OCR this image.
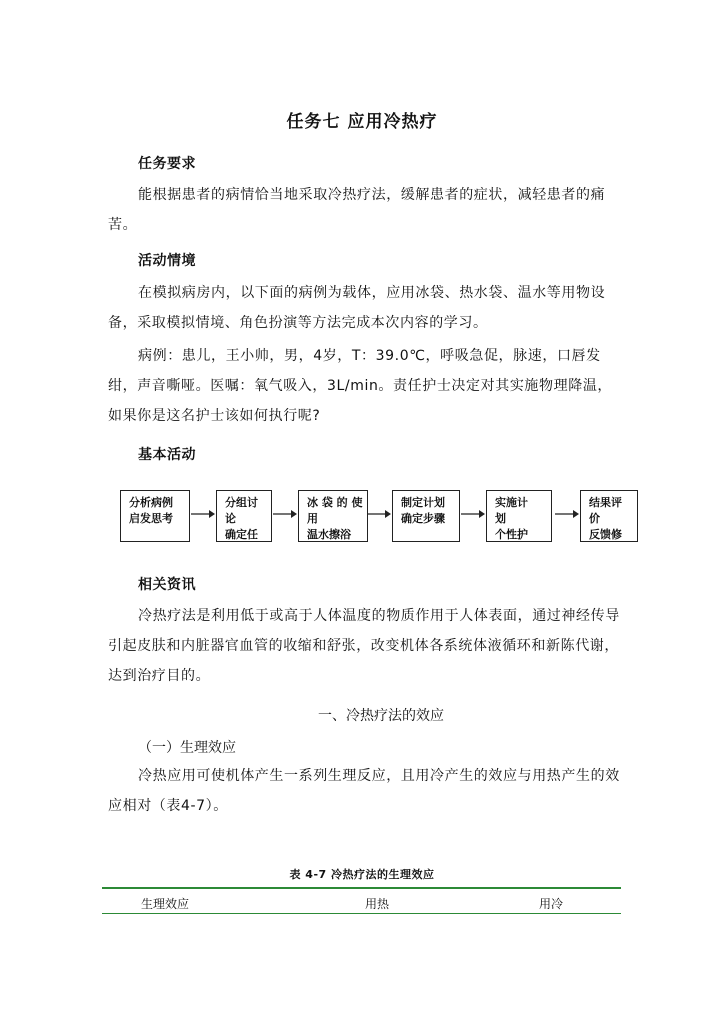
任务七 应用冷热疗
任务要求
能根据患者的病情恰当地采取冷热疗法，缓解患者的症状，减轻患者的痛苦。
活动情境
在模拟病房内，以下面的病例为载体，应用冰袋、热水袋、温水等用物设备，采取模拟情境、角色扮演等方法完成本次内容的学习。
病例：患儿，王小帅，男，4岁，T：39.0℃，呼吸急促，脉速，口唇发绀，声音嘶哑。医嘱：氧气吸入，3L/min。责任护士决定对其实施物理降温，如果你是这名护士该如何执行呢?
基本活动
分析病例
启发思考
分组讨
论
确定任
冰 袋 的 使
用
温水擦浴
制定计划
确定步骤
实施计
划
个性护
结果评
价
反馈修
相关资讯
冷热疗法是利用低于或高于人体温度的物质作用于人体表面，通过神经传导引起皮肤和内脏器官血管的收缩和舒张，改变机体各系统体液循环和新陈代谢，达到治疗目的。
一、冷热疗法的效应
（一）生理效应
冷热应用可使机体产生一系列生理反应，且用冷产生的效应与用热产生的效应相对（表4-7）。
表 4-7 冷热疗法的生理效应
生理效应	用热	用冷
